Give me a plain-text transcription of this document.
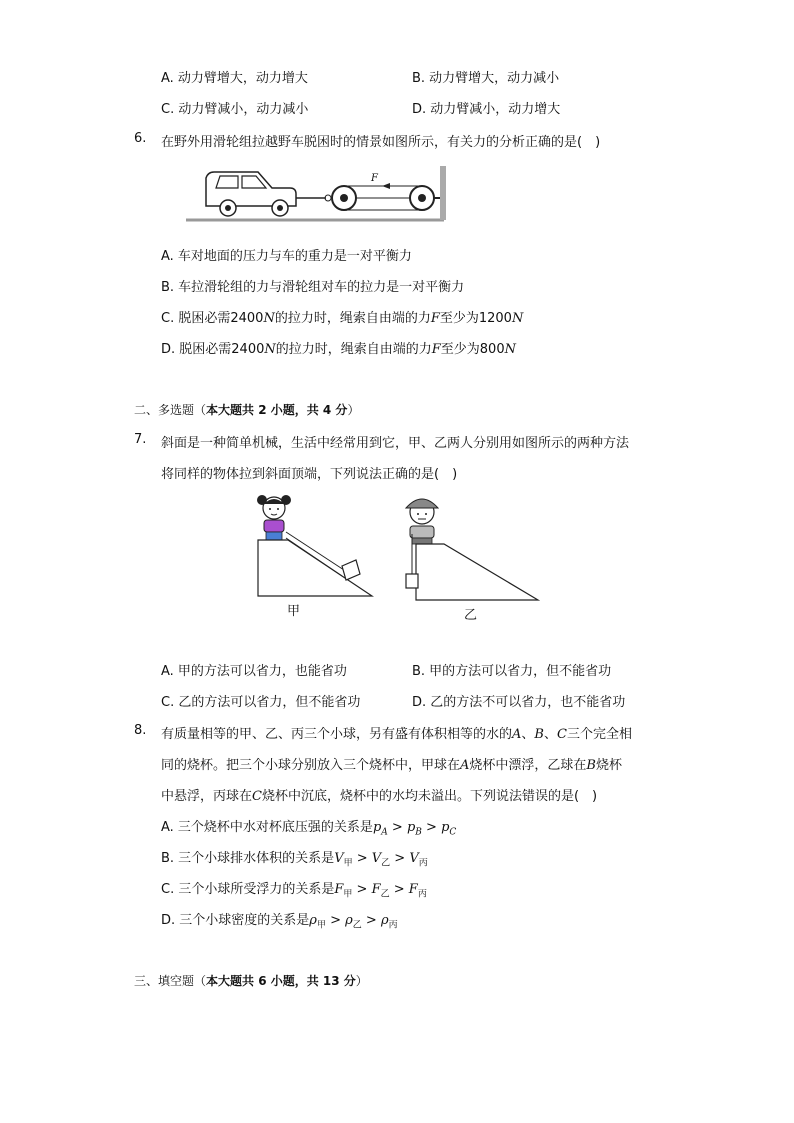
A. 动力臂增大，动力增大	B. 动力臂增大，动力减小
C. 动力臂减小，动力减小	D. 动力臂减小，动力增大
6. 在野外用滑轮组拉越野车脱困时的情景如图所示，有关力的分析正确的是(　)
F
A. 车对地面的压力与车的重力是一对平衡力
B. 车拉滑轮组的力与滑轮组对车的拉力是一对平衡力
C. 脱困必需2400N的拉力时，绳索自由端的力F至少为1200N
D. 脱困必需2400N的拉力时，绳索自由端的力F至少为800N
二、多选题（本大题共 2 小题，共 4 分）
7. 斜面是一种简单机械，生活中经常用到它，甲、乙两人分别用如图所示的两种方法
将同样的物体拉到斜面顶端，下列说法正确的是(　)
甲	乙
A. 甲的方法可以省力，也能省功	B. 甲的方法可以省力，但不能省功
C. 乙的方法可以省力，但不能省功	D. 乙的方法不可以省力，也不能省功
8. 有质量相等的甲、乙、丙三个小球，另有盛有体积相等的水的A、B、C三个完全相
同的烧杯。把三个小球分别放入三个烧杯中，甲球在A烧杯中漂浮，乙球在B烧杯
中悬浮，丙球在C烧杯中沉底，烧杯中的水均未溢出。下列说法错误的是(　)
A. 三个烧杯中水对杯底压强的关系是$p_A > p_B > p_C$
B. 三个小球排水体积的关系是$V_甲 > V_乙 > V_丙$
C. 三个小球所受浮力的关系是$F_甲 > F_乙 > F_丙$
D. 三个小球密度的关系是$\rho_甲 > \rho_乙 > \rho_丙$
三、填空题（本大题共 6 小题，共 13 分）
